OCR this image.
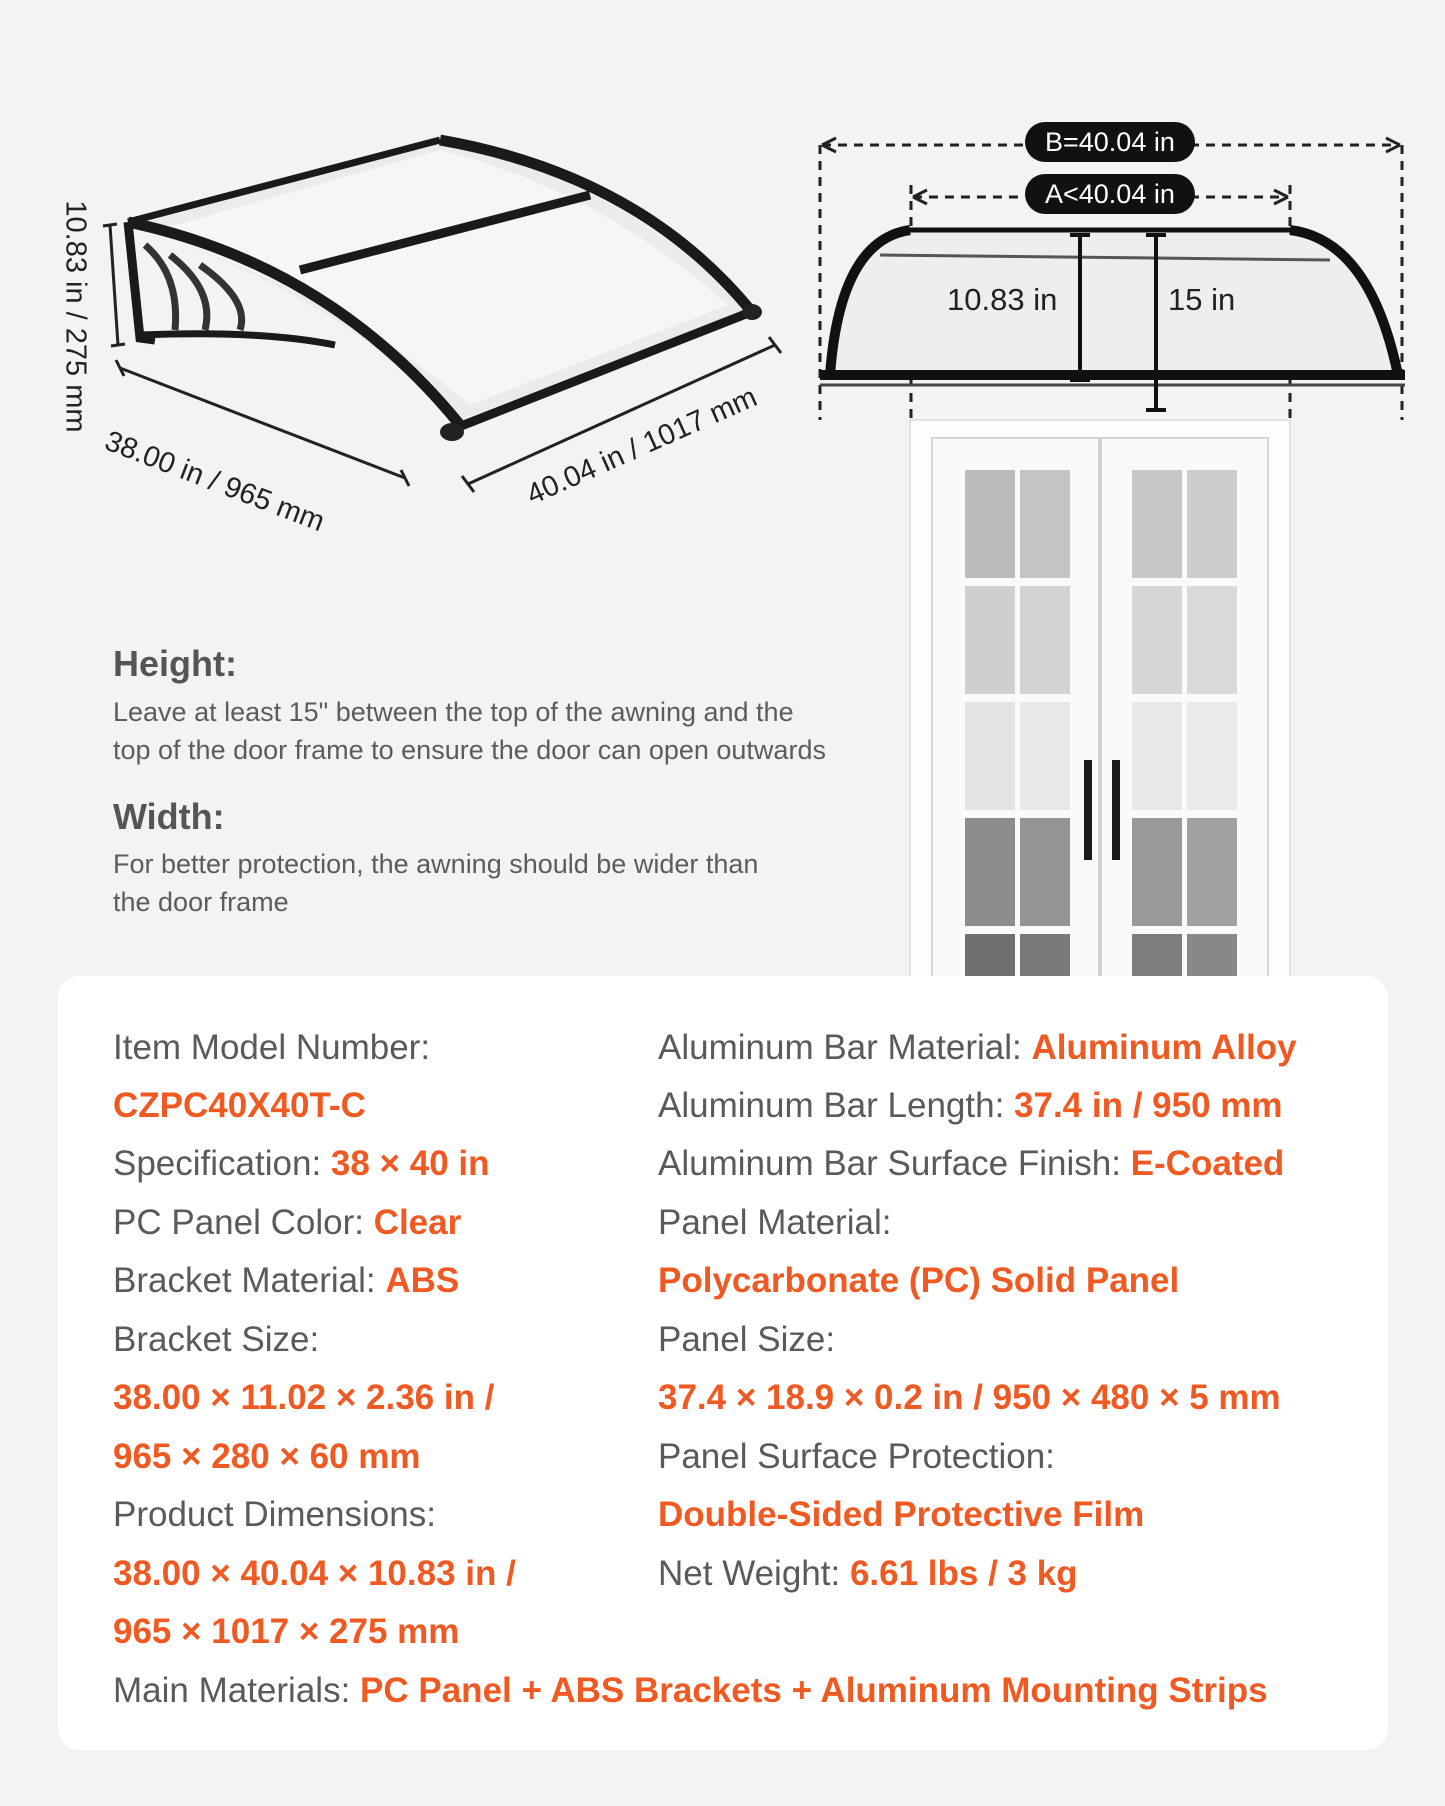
10.83 in / 275 mm
38.00 in / 965 mm	40.04 in / 1017 mm
B=40.04 in
A<40.04 in
10.83 in	15 in
Height:
Leave at least 15" between the top of the awning and the
top of the door frame to ensure the door can open outwards
Width:
For better protection, the awning should be wider than
the door frame
Item Model Number:
CZPC40X40T-C
Specification: 38 × 40 in
PC Panel Color: Clear
Bracket Material: ABS
Bracket Size:
38.00 × 11.02 × 2.36 in /
965 × 280 × 60 mm
Product Dimensions:
38.00 × 40.04 × 10.83 in /
965 × 1017 × 275 mm
Main Materials: PC Panel + ABS Brackets + Aluminum Mounting Strips
Aluminum Bar Material: Aluminum Alloy
Aluminum Bar Length: 37.4 in / 950 mm
Aluminum Bar Surface Finish: E-Coated
Panel Material:
Polycarbonate (PC) Solid Panel
Panel Size:
37.4 × 18.9 × 0.2 in / 950 × 480 × 5 mm
Panel Surface Protection:
Double-Sided Protective Film
Net Weight: 6.61 lbs / 3 kg
